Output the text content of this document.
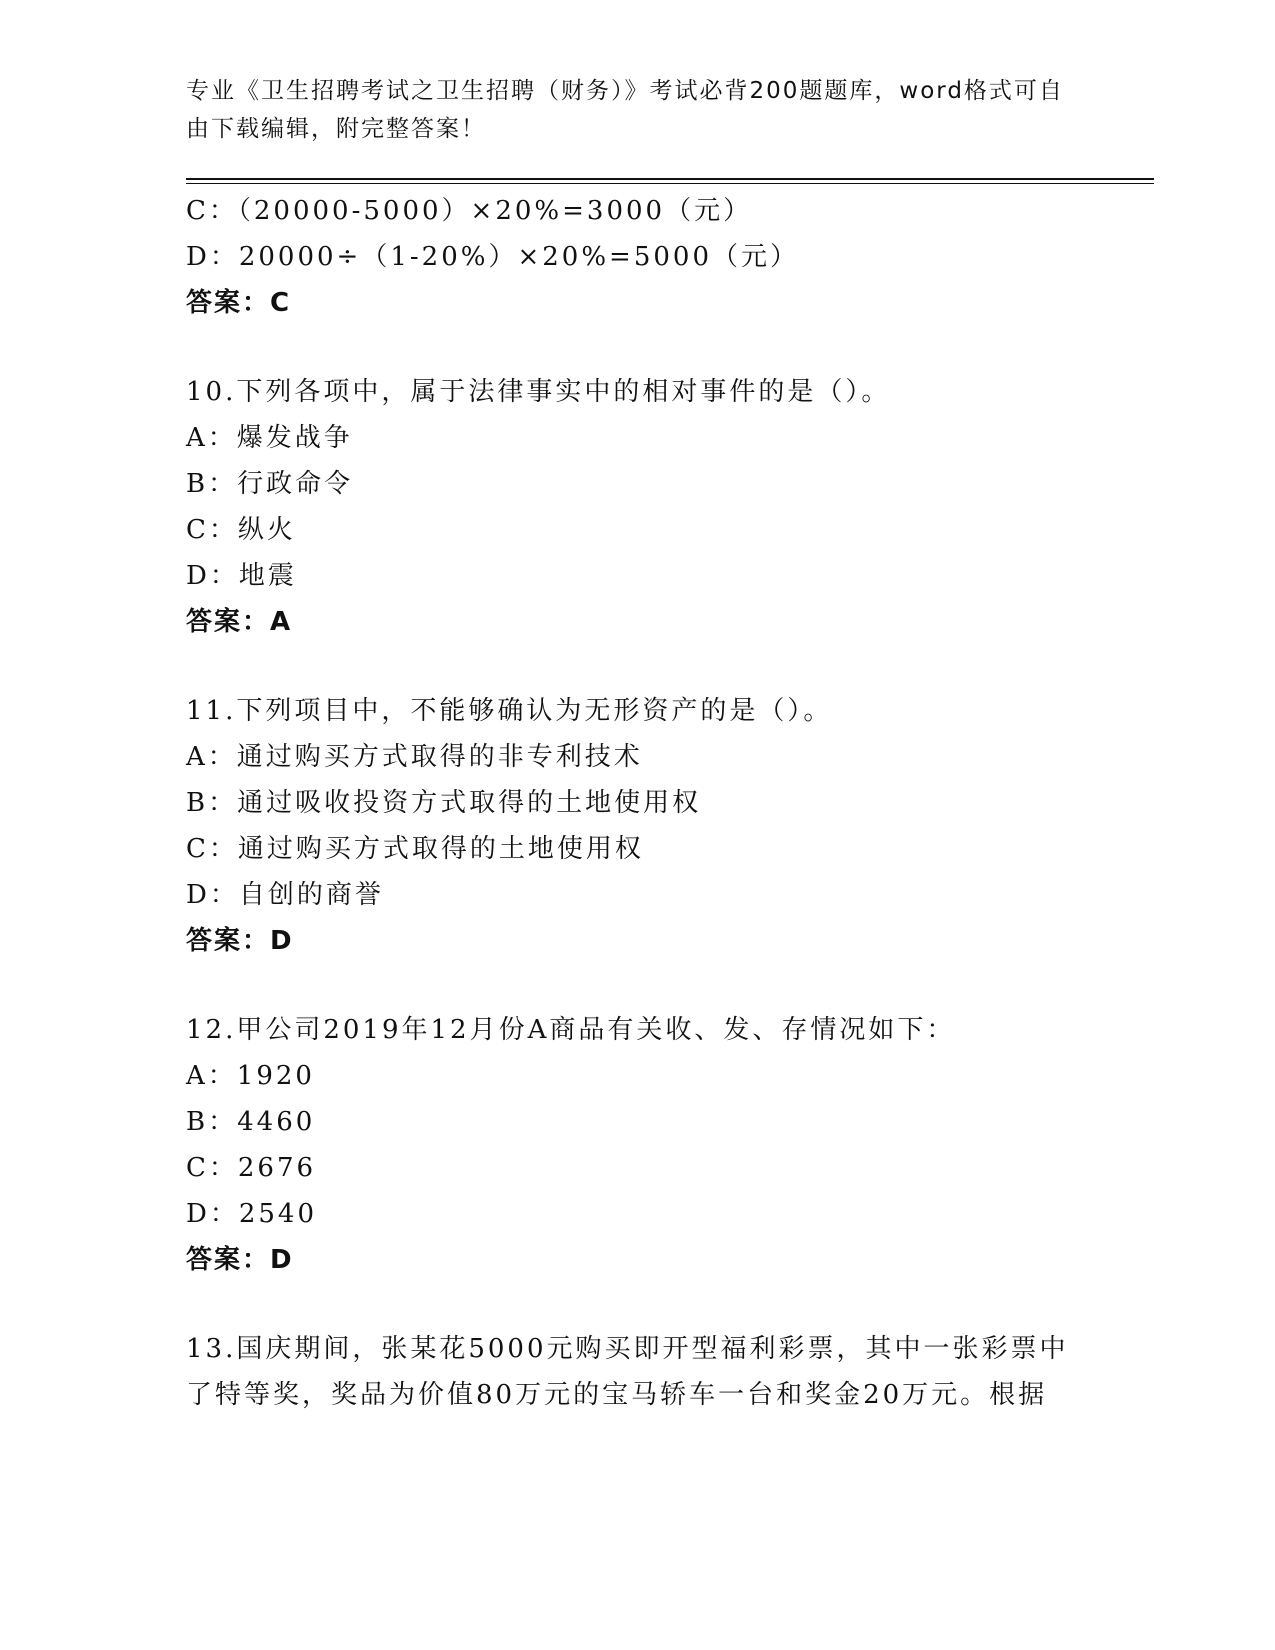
专业《卫生招聘考试之卫生招聘（财务）》考试必背200题题库，word格式可自由下载编辑，附完整答案！
C：（20000-5000）×20%=3000（元）
D：20000÷（1-20%）×20%=5000（元）
答案：C
10.下列各项中，属于法律事实中的相对事件的是（）。
A：爆发战争
B：行政命令
C：纵火
D：地震
答案：A
11.下列项目中，不能够确认为无形资产的是（）。
A：通过购买方式取得的非专利技术
B：通过吸收投资方式取得的土地使用权
C：通过购买方式取得的土地使用权
D：自创的商誉
答案：D
12.甲公司2019年12月份A商品有关收、发、存情况如下：
A：1920
B：4460
C：2676
D：2540
答案：D
13.国庆期间，张某花5000元购买即开型福利彩票，其中一张彩票中
了特等奖，奖品为价值80万元的宝马轿车一台和奖金20万元。根据
